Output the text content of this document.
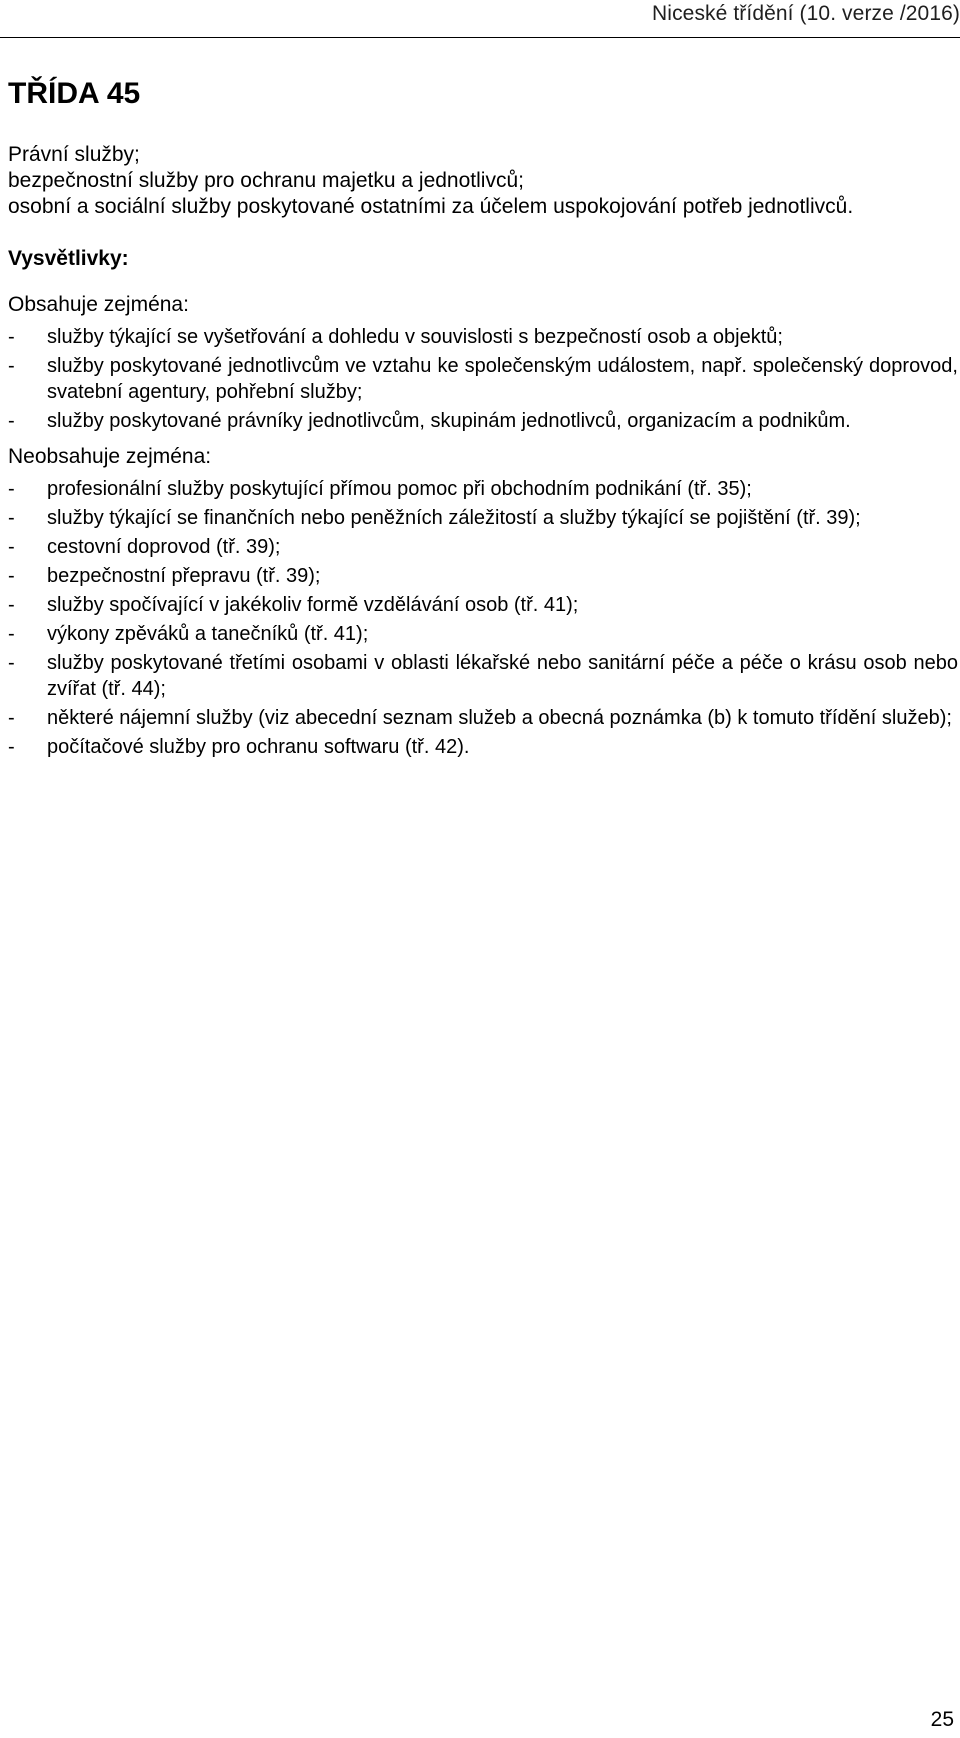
Niceské třídění (10. verze /2016)
TŘÍDA 45
Právní služby;
bezpečnostní služby pro ochranu majetku a jednotlivců;
osobní a sociální služby poskytované ostatními za účelem uspokojování potřeb jednotlivců.
Vysvětlivky:
Obsahuje zejména:
- služby týkající se vyšetřování a dohledu v souvislosti s bezpečností osob a objektů;
- služby poskytované jednotlivcům ve vztahu ke společenským událostem, např. společenský doprovod, svatební agentury, pohřební služby;
- služby poskytované právníky jednotlivcům, skupinám jednotlivců, organizacím a podnikům.
Neobsahuje zejména:
- profesionální služby poskytující přímou pomoc při obchodním podnikání (tř. 35);
- služby týkající se finančních nebo peněžních záležitostí a služby týkající se pojištění (tř. 39);
- cestovní doprovod (tř. 39);
- bezpečnostní přepravu (tř. 39);
- služby spočívající v jakékoliv formě vzdělávání osob (tř. 41);
- výkony zpěváků a tanečníků (tř. 41);
- služby poskytované třetími osobami v oblasti lékařské nebo sanitární péče a péče o krásu osob nebo zvířat (tř. 44);
- některé nájemní služby (viz abecední seznam služeb a obecná poznámka (b) k tomuto třídění služeb);
- počítačové služby pro ochranu softwaru (tř. 42).
25
